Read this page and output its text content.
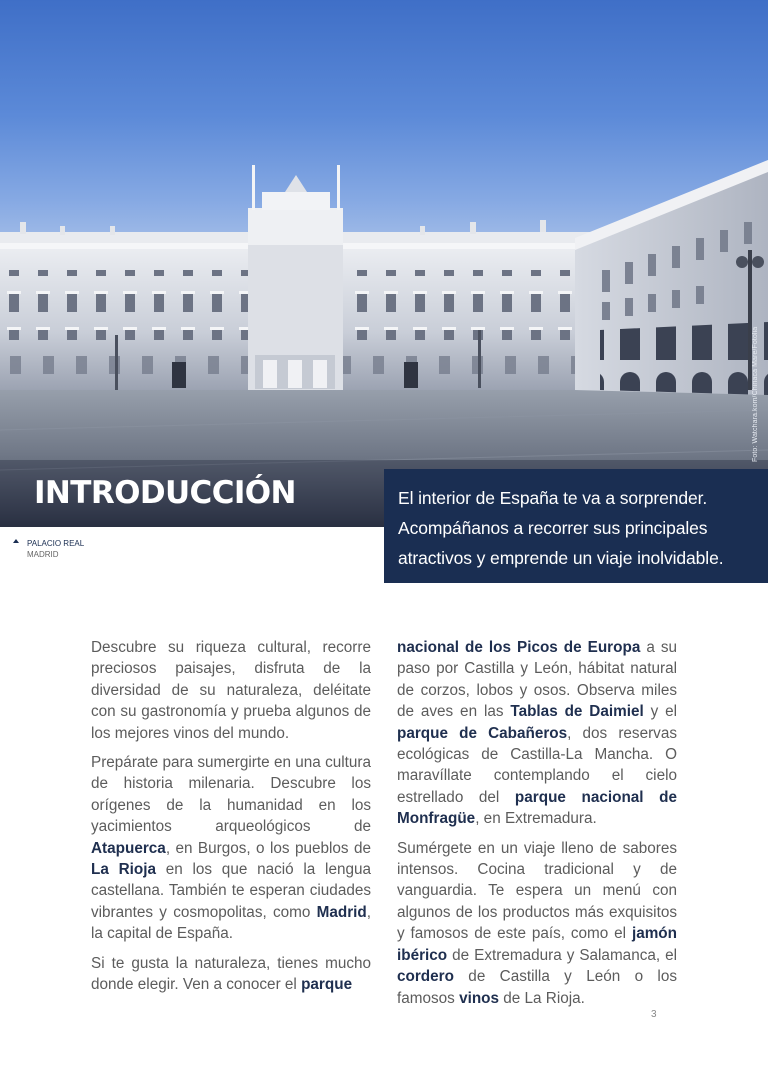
Foto: Watchara.kom/Chiriaca Mare/Fotolia
INTRODUCCIÓN	El interior de España te va a sorprender.

Acompáñanos a recorrer sus principales

atractivos y emprende un viaje inolvidable.

PALACIO REAL
MADRID

Descubre su riqueza cultural, recorre preciosos paisajes, disfruta de la diversidad de su naturaleza, deléitate con su gastronomía y prueba algunos de los mejores vinos del mundo.

Prepárate para sumergirte en una cultura de historia milenaria. Descubre los orígenes de la humanidad en los yacimientos arqueológicos de Atapuerca, en Burgos, o los pueblos de La Rioja en los que nació la lengua castellana. También te esperan ciudades vibrantes y cosmopolitas, como Madrid, la capital de España.

Si te gusta la naturaleza, tienes mucho donde elegir. Ven a conocer el parque

nacional de los Picos de Europa a su paso por Castilla y León, hábitat natural de corzos, lobos y osos. Observa miles de aves en las Tablas de Daimiel y el parque de Cabañeros, dos reservas ecológicas de Castilla-La Mancha. O maravíllate contemplando el cielo estrellado del parque nacional de Monfragüe, en Extremadura.

Sumérgete en un viaje lleno de sabores intensos. Cocina tradicional y de vanguardia. Te espera un menú con algunos de los productos más exquisitos y famosos de este país, como el jamón ibérico de Extremadura y Salamanca, el cordero de Castilla y León o los famosos vinos de La Rioja.

3
